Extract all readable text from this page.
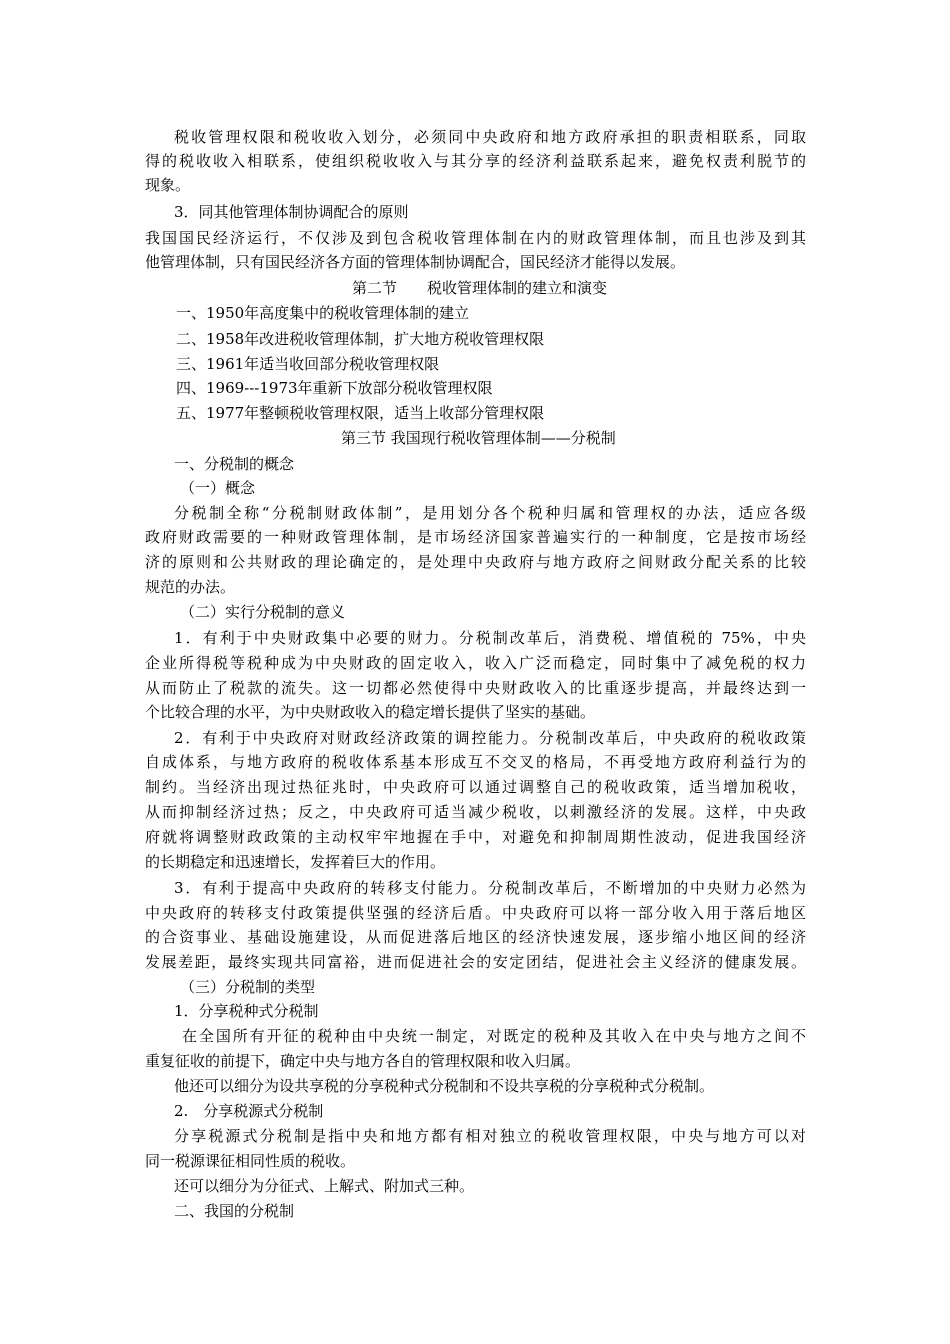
税收管理权限和税收收入划分，必须同中央政府和地方政府承担的职责相联系，同取
得的税收收入相联系，使组织税收收入与其分享的经济利益联系起来，避免权责利脱节的
现象。
3．同其他管理体制协调配合的原则
我国国民经济运行，不仅涉及到包含税收管理体制在内的财政管理体制，而且也涉及到其
他管理体制，只有国民经济各方面的管理体制协调配合，国民经济才能得以发展。
第二节　　税收管理体制的建立和演变
一、1950年高度集中的税收管理体制的建立
二、1958年改进税收管理体制，扩大地方税收管理权限
三、1961年适当收回部分税收管理权限
四、1969---1973年重新下放部分税收管理权限
五、1977年整顿税收管理权限，适当上收部分管理权限
第三节 我国现行税收管理体制——分税制
一、分税制的概念
（一）概念
分税制全称“分税制财政体制”，是用划分各个税种归属和管理权的办法，适应各级
政府财政需要的一种财政管理体制，是市场经济国家普遍实行的一种制度，它是按市场经
济的原则和公共财政的理论确定的，是处理中央政府与地方政府之间财政分配关系的比较
规范的办法。
（二）实行分税制的意义
1．有利于中央财政集中必要的财力。分税制改革后，消费税、增值税的 75%，中央
企业所得税等税种成为中央财政的固定收入，收入广泛而稳定，同时集中了减免税的权力
从而防止了税款的流失。这一切都必然使得中央财政收入的比重逐步提高，并最终达到一
个比较合理的水平，为中央财政收入的稳定增长提供了坚实的基础。
2．有利于中央政府对财政经济政策的调控能力。分税制改革后，中央政府的税收政策
自成体系，与地方政府的税收体系基本形成互不交叉的格局，不再受地方政府利益行为的
制约。当经济出现过热征兆时，中央政府可以通过调整自己的税收政策，适当增加税收，
从而抑制经济过热；反之，中央政府可适当减少税收，以刺激经济的发展。这样，中央政
府就将调整财政政策的主动权牢牢地握在手中，对避免和抑制周期性波动，促进我国经济
的长期稳定和迅速增长，发挥着巨大的作用。
3．有利于提高中央政府的转移支付能力。分税制改革后，不断增加的中央财力必然为
中央政府的转移支付政策提供坚强的经济后盾。中央政府可以将一部分收入用于落后地区
的合资事业、基础设施建设，从而促进落后地区的经济快速发展，逐步缩小地区间的经济
发展差距，最终实现共同富裕，进而促进社会的安定团结，促进社会主义经济的健康发展。
（三）分税制的类型
1．分享税种式分税制
在全国所有开征的税种由中央统一制定，对既定的税种及其收入在中央与地方之间不
重复征收的前提下，确定中央与地方各自的管理权限和收入归属。
他还可以细分为设共享税的分享税种式分税制和不设共享税的分享税种式分税制。
2.　分享税源式分税制
分享税源式分税制是指中央和地方都有相对独立的税收管理权限，中央与地方可以对
同一税源课征相同性质的税收。
还可以细分为分征式、上解式、附加式三种。
二、我国的分税制
